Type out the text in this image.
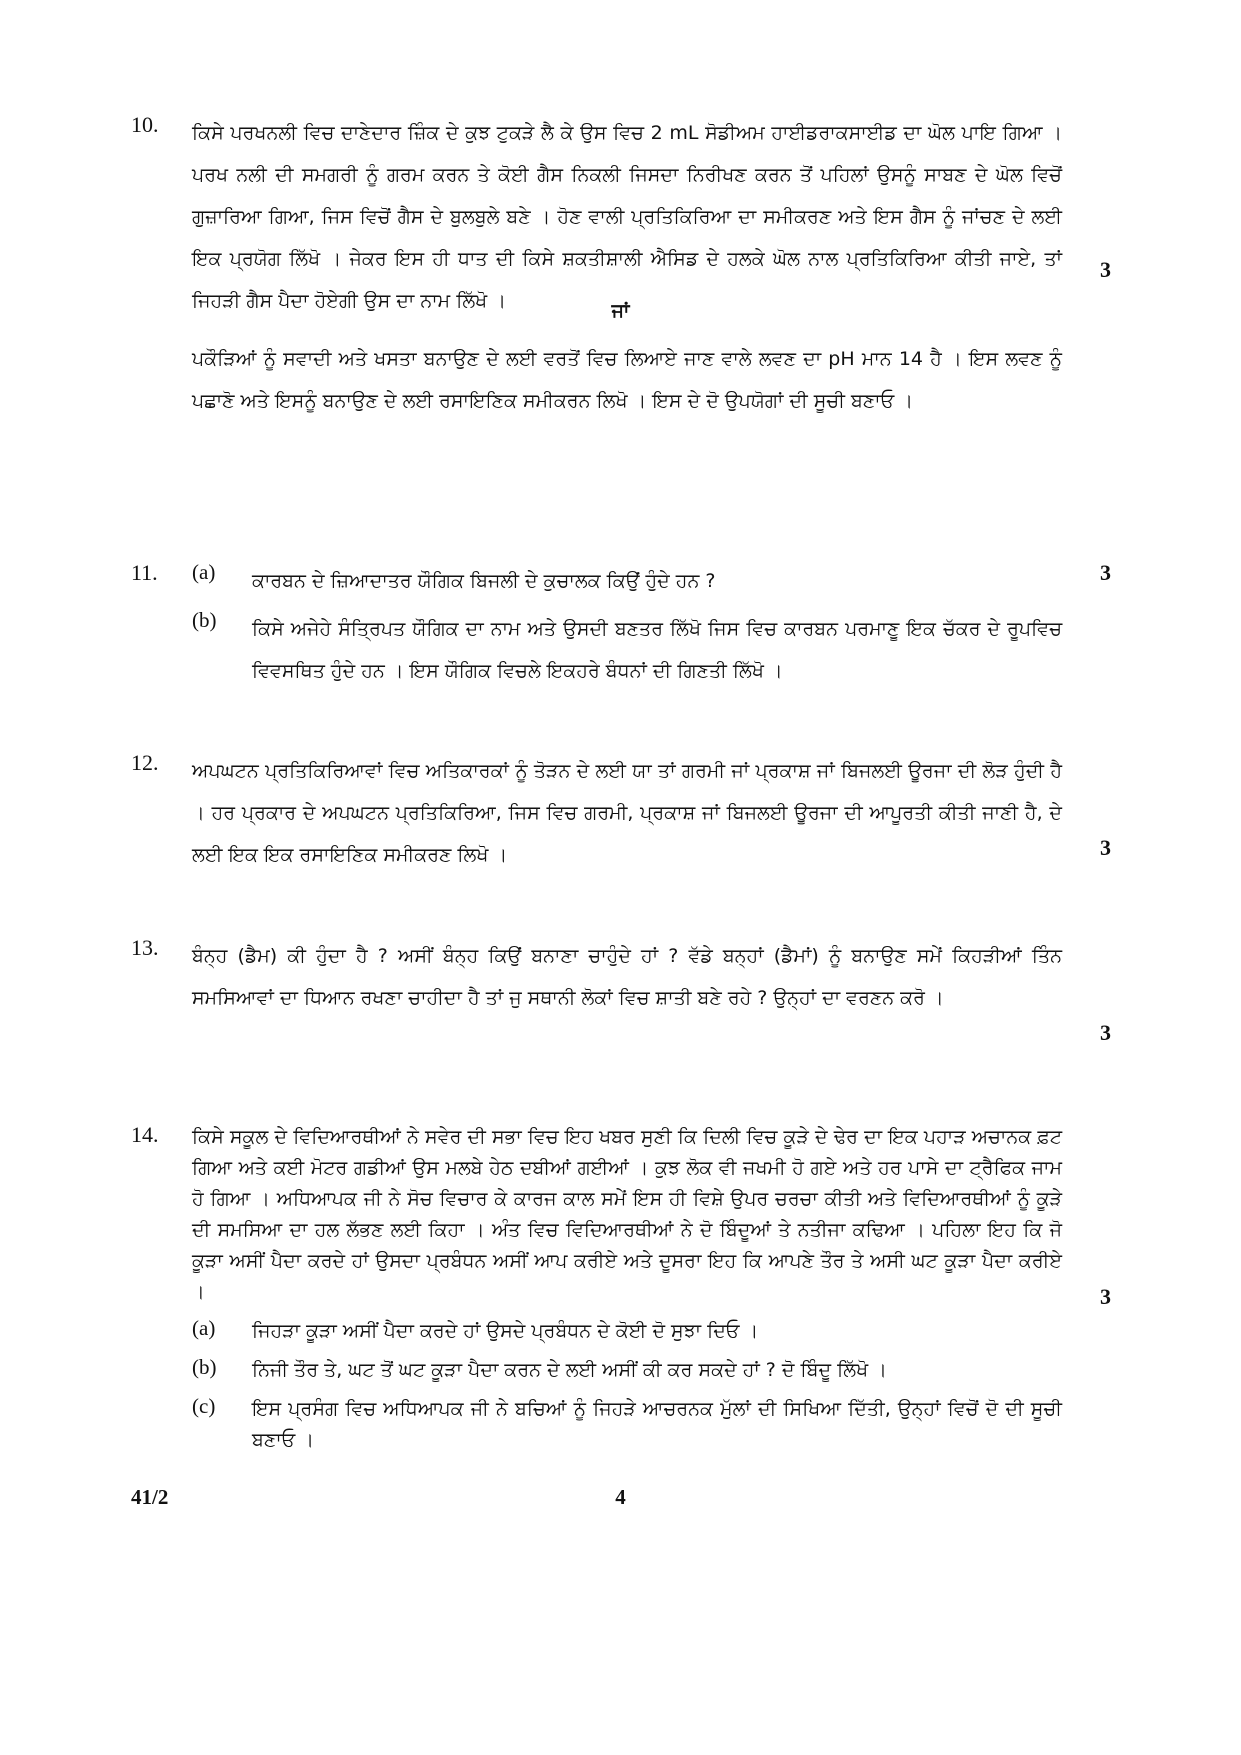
10. ਕਿਸੇ ਪਰਖਨਲੀ ਵਿਚ ਦਾਣੇਦਾਰ ਜ਼ਿੰਕ ਦੇ ਕੁਝ ਟੁਕੜੇ ਲੈ ਕੇ ਉਸ ਵਿਚ 2 mL ਸੋਡੀਅਮ ਹਾਈਡਰਾਕਸਾਈਡ ਦਾ ਘੋਲ ਪਾਇ ਗਿਆ । ਪਰਖ ਨਲੀ ਦੀ ਸਮਗਰੀ ਨੂੰ ਗਰਮ ਕਰਨ ਤੇ ਕੋਈ ਗੈਸ ਨਿਕਲੀ ਜਿਸਦਾ ਨਿਰੀਖਣ ਕਰਨ ਤੋਂ ਪਹਿਲਾਂ ਉਸਨੂੰ ਸਾਬਣ ਦੇ ਘੋਲ ਵਿਚੋਂ ਗੁਜ਼ਾਰਿਆ ਗਿਆ, ਜਿਸ ਵਿਚੋਂ ਗੈਸ ਦੇ ਬੁਲਬੁਲੇ ਬਣੇ । ਹੋਣ ਵਾਲੀ ਪ੍ਰਤਿਕਿਰਿਆ ਦਾ ਸਮੀਕਰਣ ਅਤੇ ਇਸ ਗੈਸ ਨੂੰ ਜਾਂਚਣ ਦੇ ਲਈ ਇਕ ਪ੍ਰਯੋਗ ਲਿੱਖੋ । ਜੇਕਰ ਇਸ ਹੀ ਧਾਤ ਦੀ ਕਿਸੇ ਸ਼ਕਤੀਸ਼ਾਲੀ ਐਸਿਡ ਦੇ ਹਲਕੇ ਘੋਲ ਨਾਲ ਪ੍ਰਤਿਕਿਰਿਆ ਕੀਤੀ ਜਾਏ, ਤਾਂ ਜਿਹੜੀ ਗੈਸ ਪੈਦਾ ਹੋਏਗੀ ਉਸ ਦਾ ਨਾਮ ਲਿੱਖੋ ।
3
ਜਾਂ
ਪਕੌੜਿਆਂ ਨੂੰ ਸਵਾਦੀ ਅਤੇ ਖਸਤਾ ਬਨਾਉਣ ਦੇ ਲਈ ਵਰਤੋਂ ਵਿਚ ਲਿਆਏ ਜਾਣ ਵਾਲੇ ਲਵਣ ਦਾ pH ਮਾਨ 14 ਹੈ । ਇਸ ਲਵਣ ਨੂੰ ਪਛਾਣੋ ਅਤੇ ਇਸਨੂੰ ਬਨਾਉਣ ਦੇ ਲਈ ਰਸਾਇਣਿਕ ਸਮੀਕਰਨ ਲਿਖੋ । ਇਸ ਦੇ ਦੋ ਉਪਯੋਗਾਂ ਦੀ ਸੂਚੀ ਬਣਾਓ ।
11. (a) ਕਾਰਬਨ ਦੇ ਜ਼ਿਆਦਾਤਰ ਯੌਗਿਕ ਬਿਜਲੀ ਦੇ ਕੁਚਾਲਕ ਕਿਉਂ ਹੁੰਦੇ ਹਨ ?	3
(b) ਕਿਸੇ ਅਜੇਹੇ ਸੰਤ੍ਰਿਪਤ ਯੌਗਿਕ ਦਾ ਨਾਮ ਅਤੇ ਉਸਦੀ ਬਣਤਰ ਲਿੱਖੋ ਜਿਸ ਵਿਚ ਕਾਰਬਨ ਪਰਮਾਣੂ ਇਕ ਚੱਕਰ ਦੇ ਰੂਪਵਿਚ ਵਿਵਸਥਿਤ ਹੁੰਦੇ ਹਨ । ਇਸ ਯੌਗਿਕ ਵਿਚਲੇ ਇਕਹਰੇ ਬੰਧਨਾਂ ਦੀ ਗਿਣਤੀ ਲਿੱਖੋ ।
12. ਅਪਘਟਨ ਪ੍ਰਤਿਕਿਰਿਆਵਾਂ ਵਿਚ ਅਤਿਕਾਰਕਾਂ ਨੂੰ ਤੋੜਨ ਦੇ ਲਈ ਯਾ ਤਾਂ ਗਰਮੀ ਜਾਂ ਪ੍ਰਕਾਸ਼ ਜਾਂ ਬਿਜਲਈ ਊਰਜਾ ਦੀ ਲੋੜ ਹੁੰਦੀ ਹੈ । ਹਰ ਪ੍ਰਕਾਰ ਦੇ ਅਪਘਟਨ ਪ੍ਰਤਿਕਿਰਿਆ, ਜਿਸ ਵਿਚ ਗਰਮੀ, ਪ੍ਰਕਾਸ਼ ਜਾਂ ਬਿਜਲਈ ਊਰਜਾ ਦੀ ਆਪੂਰਤੀ ਕੀਤੀ ਜਾਣੀ ਹੈ, ਦੇ ਲਈ ਇਕ ਇਕ ਰਸਾਇਣਿਕ ਸਮੀਕਰਣ ਲਿਖੋ ।	3
13. ਬੰਨ੍ਹ (ਡੈਮ) ਕੀ ਹੁੰਦਾ ਹੈ ? ਅਸੀਂ ਬੰਨ੍ਹ ਕਿਉਂ ਬਨਾਣਾ ਚਾਹੁੰਦੇ ਹਾਂ ? ਵੱਡੇ ਬਨ੍ਹਾਂ (ਡੈਮਾਂ) ਨੂੰ ਬਨਾਉਣ ਸਮੇਂ ਕਿਹੜੀਆਂ ਤਿੰਨ ਸਮਸਿਆਵਾਂ ਦਾ ਧਿਆਨ ਰਖਣਾ ਚਾਹੀਦਾ ਹੈ ਤਾਂ ਜੁ ਸਥਾਨੀ ਲੋਕਾਂ ਵਿਚ ਸ਼ਾਤੀ ਬਣੇ ਰਹੇ ? ਉਨ੍ਹਾਂ ਦਾ ਵਰਣਨ ਕਰੋ ।
3
14. ਕਿਸੇ ਸਕੂਲ ਦੇ ਵਿਦਿਆਰਥੀਆਂ ਨੇ ਸਵੇਰ ਦੀ ਸਭਾ ਵਿਚ ਇਹ ਖਬਰ ਸੁਣੀ ਕਿ ਦਿਲੀ ਵਿਚ ਕੂੜੇ ਦੇ ਢੇਰ ਦਾ ਇਕ ਪਹਾੜ ਅਚਾਨਕ ਫ਼ਟ ਗਿਆ ਅਤੇ ਕਈ ਮੋਟਰ ਗਡੀਆਂ ਉਸ ਮਲਬੇ ਹੇਠ ਦਬੀਆਂ ਗਈਆਂ । ਕੁਝ ਲੋਕ ਵੀ ਜਖਮੀ ਹੋ ਗਏ ਅਤੇ ਹਰ ਪਾਸੇ ਦਾ ਟ੍ਰੈਫਿਕ ਜਾਮ ਹੋ ਗਿਆ । ਅਧਿਆਪਕ ਜੀ ਨੇ ਸੋਚ ਵਿਚਾਰ ਕੇ ਕਾਰਜ ਕਾਲ ਸਮੇਂ ਇਸ ਹੀ ਵਿਸ਼ੇ ਉਪਰ ਚਰਚਾ ਕੀਤੀ ਅਤੇ ਵਿਦਿਆਰਥੀਆਂ ਨੂੰ ਕੂੜੇ ਦੀ ਸਮਸਿਆ ਦਾ ਹਲ ਲੱਭਣ ਲਈ ਕਿਹਾ । ਅੰਤ ਵਿਚ ਵਿਦਿਆਰਥੀਆਂ ਨੇ ਦੋ ਬਿੰਦੂਆਂ ਤੇ ਨਤੀਜਾ ਕਢਿਆ । ਪਹਿਲਾ ਇਹ ਕਿ ਜੋ ਕੂੜਾ ਅਸੀਂ ਪੈਦਾ ਕਰਦੇ ਹਾਂ ਉਸਦਾ ਪ੍ਰਬੰਧਨ ਅਸੀਂ ਆਪ ਕਰੀਏ ਅਤੇ ਦੂਸਰਾ ਇਹ ਕਿ ਆਪਣੇ ਤੌਰ ਤੇ ਅਸੀ ਘਟ ਕੂੜਾ ਪੈਦਾ ਕਰੀਏ ।	3
(a) ਜਿਹੜਾ ਕੂੜਾ ਅਸੀਂ ਪੈਦਾ ਕਰਦੇ ਹਾਂ ਉਸਦੇ ਪ੍ਰਬੰਧਨ ਦੇ ਕੋਈ ਦੋ ਸੁਝਾ ਦਿਓ ।
(b) ਨਿਜੀ ਤੌਰ ਤੇ, ਘਟ ਤੋਂ ਘਟ ਕੂੜਾ ਪੈਦਾ ਕਰਨ ਦੇ ਲਈ ਅਸੀਂ ਕੀ ਕਰ ਸਕਦੇ ਹਾਂ ? ਦੋ ਬਿੰਦੂ ਲਿੱਖੋ ।
(c) ਇਸ ਪ੍ਰਸੰਗ ਵਿਚ ਅਧਿਆਪਕ ਜੀ ਨੇ ਬਚਿਆਂ ਨੂੰ ਜਿਹੜੇ ਆਚਰਨਕ ਮੁੱਲਾਂ ਦੀ ਸਿਖਿਆ ਦਿੱਤੀ, ਉਨ੍ਹਾਂ ਵਿਚੋਂ ਦੋ ਦੀ ਸੂਚੀ ਬਣਾਓ ।
41/2	4
